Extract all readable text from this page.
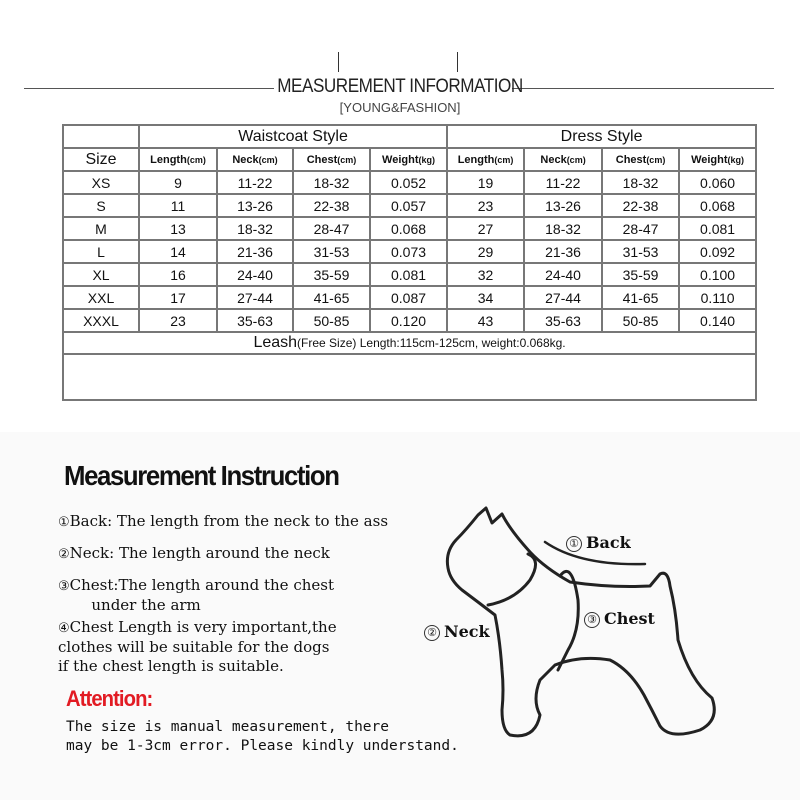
MEASUREMENT INFORMATION
[YOUNG&FASHION]
	Waistcoat Style				Dress Style			
Size	Length(cm)	Neck(cm)	Chest(cm)	Weight(kg)	Length(cm)	Neck(cm)	Chest(cm)	Weight(kg)
XS	9	11-22	18-32	0.052	19	11-22	18-32	0.060
S	11	13-26	22-38	0.057	23	13-26	22-38	0.068
M	13	18-32	28-47	0.068	27	18-32	28-47	0.081
L	14	21-36	31-53	0.073	29	21-36	31-53	0.092
XL	16	24-40	35-59	0.081	32	24-40	35-59	0.100
XXL	17	27-44	41-65	0.087	34	27-44	41-65	0.110
XXXL	23	35-63	50-85	0.120	43	35-63	50-85	0.140
Leash(Free Size) Length:115cm-125cm, weight:0.068kg.								

Measurement Instruction
①Back: The length from the neck to the ass
②Neck: The length around the neck
③Chest:The length around the chest
under the arm
④Chest Length is very important,the
clothes will be suitable for the dogs
if the chest length is suitable.
Attention:
The size is manual measurement, there
may be 1-3cm error. Please kindly understand.
① Back
② Neck
③ Chest
